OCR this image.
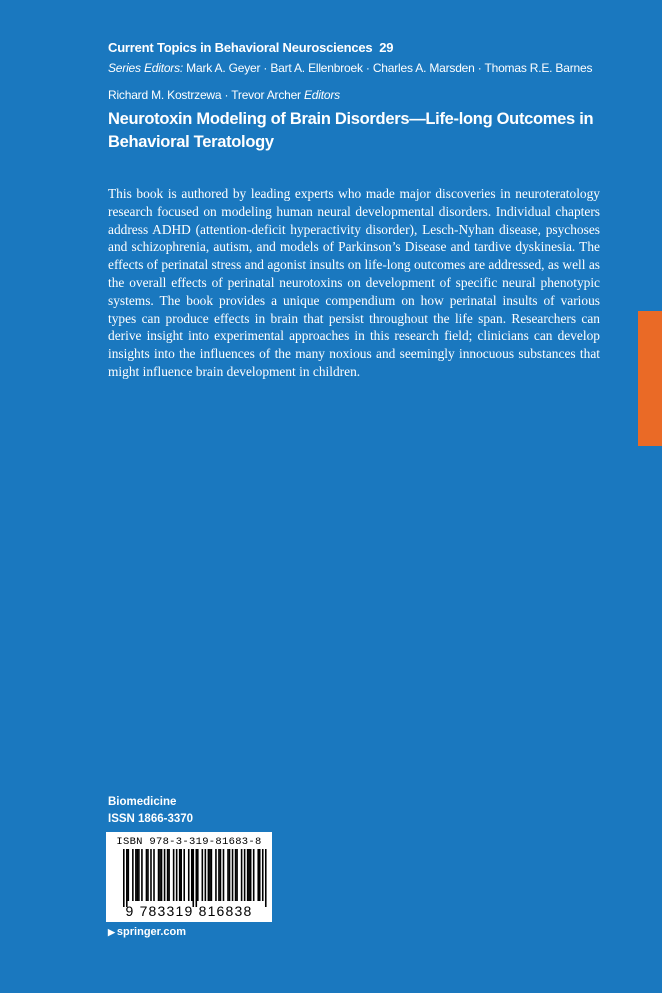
Current Topics in Behavioral Neurosciences 29
Series Editors: Mark A. Geyer · Bart A. Ellenbroek · Charles A. Marsden · Thomas R.E. Barnes
Richard M. Kostrzewa · Trevor Archer Editors
Neurotoxin Modeling of Brain Disorders—Life-long Outcomes in Behavioral Teratology
This book is authored by leading experts who made major discoveries in neuroteratology research focused on modeling human neural developmental disorders. Individual chapters address ADHD (attention-deficit hyperactivity disorder), Lesch-Nyhan disease, psychoses and schizophrenia, autism, and models of Parkinson’s Disease and tardive dyskinesia. The effects of perinatal stress and agonist insults on life-long outcomes are addressed, as well as the overall effects of perinatal neurotoxins on development of specific neural phenotypic systems. The book provides a unique compendium on how perinatal insults of various types can produce effects in brain that persist throughout the life span. Researchers can derive insight into experimental approaches in this research field; clinicians can develop insights into the influences of the many noxious and seemingly innocuous substances that might influence brain development in children.
Biomedicine
ISSN 1866-3370
ISBN 978-3-319-81683-8
9 783319 816838
▶ springer.com
